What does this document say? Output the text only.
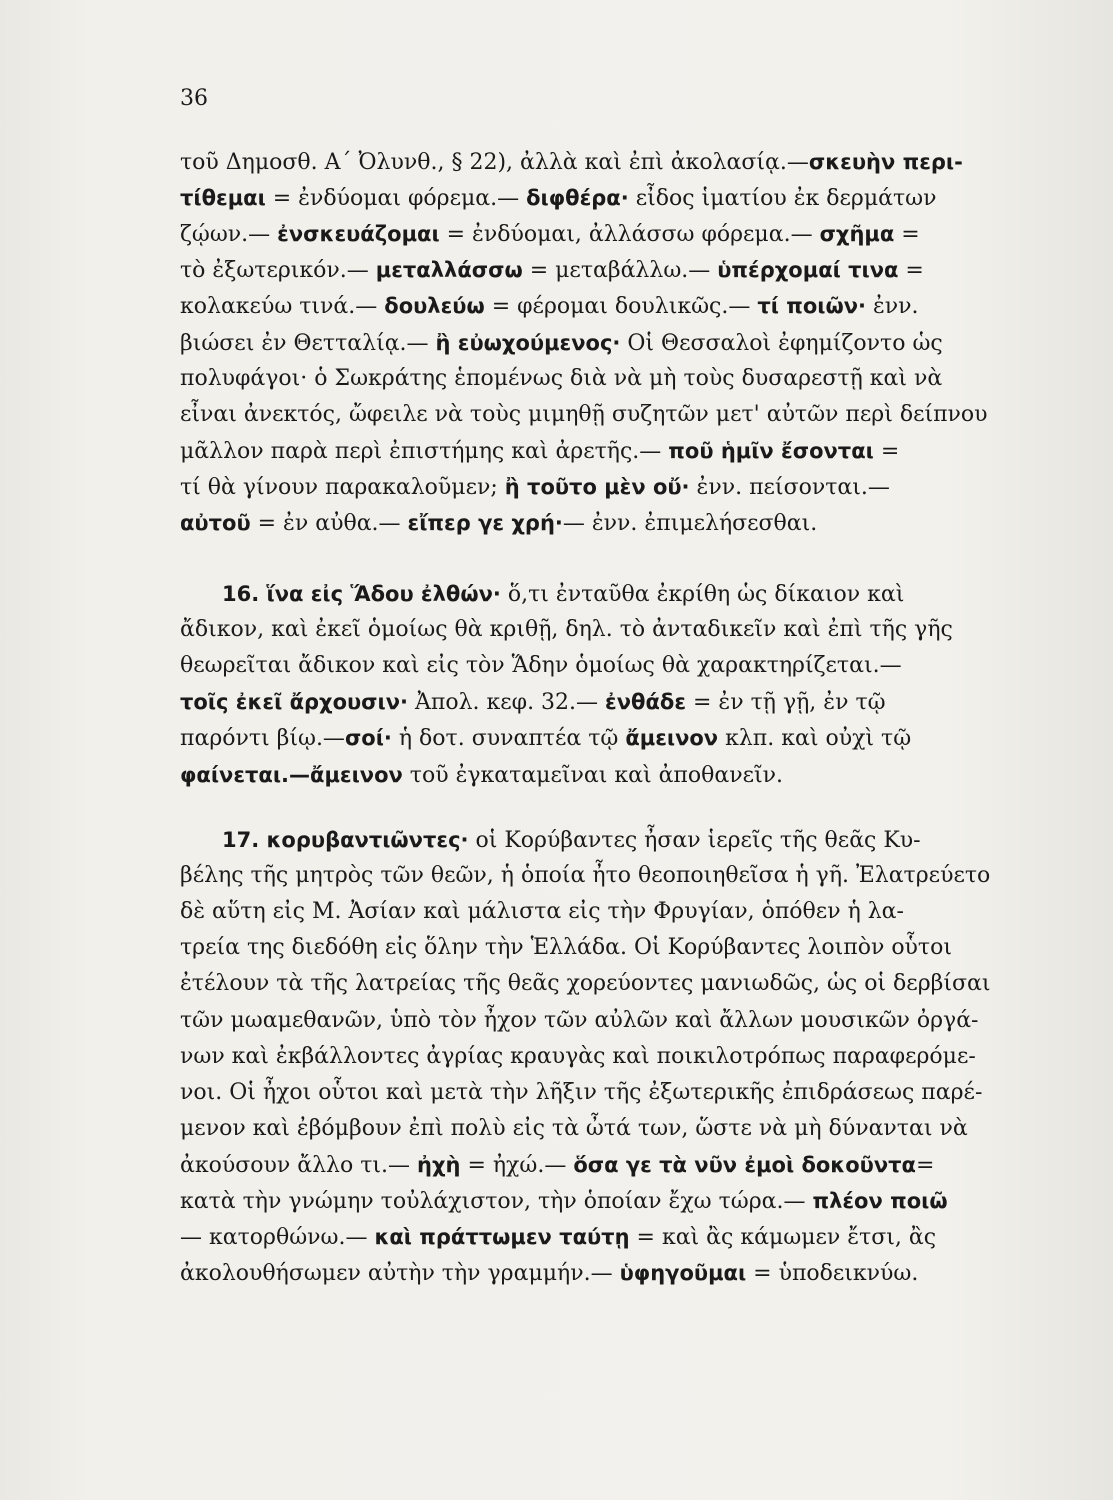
36
τοῦ Δημοσθ. Α΄ Ὀλυνθ., § 22), ἀλλὰ καὶ ἐπὶ ἀκολασίᾳ.—σκευὴν περι-
τίθεμαι = ἐνδύομαι φόρεμα.— διφθέρα· εἶδος ἱματίου ἐκ δερμάτων
ζῴων.— ἐνσκευάζομαι = ἐνδύομαι, ἀλλάσσω φόρεμα.— σχῆμα =
τὸ ἐξωτερικόν.— μεταλλάσσω = μεταβάλλω.— ὑπέρχομαί τινα =
κολακεύω τινά.— δουλεύω = φέρομαι δουλικῶς.— τί ποιῶν· ἐνν.
βιώσει ἐν Θετταλίᾳ.— ἢ εὐωχούμενος· Οἱ Θεσσαλοὶ ἐφημίζοντο ὡς
πολυφάγοι· ὁ Σωκράτης ἑπομένως διὰ νὰ μὴ τοὺς δυσαρεστῇ καὶ νὰ
εἶναι ἀνεκτός, ὤφειλε νὰ τοὺς μιμηθῇ συζητῶν μετ' αὐτῶν περὶ δείπνου
μᾶλλον παρὰ περὶ ἐπιστήμης καὶ ἀρετῆς.— ποῦ ἡμῖν ἔσονται =
τί θὰ γίνουν παρακαλοῦμεν; ἢ τοῦτο μὲν οὔ· ἐνν. πείσονται.—
αὐτοῦ = ἐν αὐθα.— εἴπερ γε χρή·— ἐνν. ἐπιμελήσεσθαι.
16. ἵνα εἰς Ἅδου ἐλθών· ὅ,τι ἐνταῦθα ἐκρίθη ὡς δίκαιον καὶ
ἄδικον, καὶ ἐκεῖ ὁμοίως θὰ κριθῇ, δηλ. τὸ ἀνταδικεῖν καὶ ἐπὶ τῆς γῆς
θεωρεῖται ἄδικον καὶ εἰς τὸν Ἅδην ὁμοίως θὰ χαρακτηρίζεται.—
τοῖς ἐκεῖ ἄρχουσιν· Ἀπολ. κεφ. 32.— ἐνθάδε = ἐν τῇ γῇ, ἐν τῷ
παρόντι βίῳ.—σοί· ἡ δοτ. συναπτέα τῷ ἄμεινον κλπ. καὶ οὐχὶ τῷ
φαίνεται.—ἄμεινον τοῦ ἐγκαταμεῖναι καὶ ἀποθανεῖν.
17. κορυβαντιῶντες· οἱ Κορύβαντες ἦσαν ἱερεῖς τῆς θεᾶς Κυ-
βέλης τῆς μητρὸς τῶν θεῶν, ἡ ὁποία ἦτο θεοποιηθεῖσα ἡ γῆ. Ἐλατρεύετο
δὲ αὕτη εἰς Μ. Ἀσίαν καὶ μάλιστα εἰς τὴν Φρυγίαν, ὁπόθεν ἡ λα-
τρεία της διεδόθη εἰς ὅλην τὴν Ἑλλάδα. Οἱ Κορύβαντες λοιπὸν οὗτοι
ἐτέλουν τὰ τῆς λατρείας τῆς θεᾶς χορεύοντες μανιωδῶς, ὡς οἱ δερβίσαι
τῶν μωαμεθανῶν, ὑπὸ τὸν ἦχον τῶν αὐλῶν καὶ ἄλλων μουσικῶν ὀργά-
νων καὶ ἐκβάλλοντες ἀγρίας κραυγὰς καὶ ποικιλοτρόπως παραφερόμε-
νοι. Οἱ ἦχοι οὗτοι καὶ μετὰ τὴν λῆξιν τῆς ἐξωτερικῆς ἐπιδράσεως παρέ-
μενον καὶ ἐβόμβουν ἐπὶ πολὺ εἰς τὰ ὦτά των, ὥστε νὰ μὴ δύνανται νὰ
ἀκούσουν ἄλλο τι.— ἠχὴ = ἠχώ.— ὅσα γε τὰ νῦν ἐμοὶ δοκοῦντα=
κατὰ τὴν γνώμην τοὐλάχιστον, τὴν ὁποίαν ἔχω τώρα.— πλέον ποιῶ
— κατορθώνω.— καὶ πράττωμεν ταύτῃ = καὶ ἂς κάμωμεν ἔτσι, ἂς
ἀκολουθήσωμεν αὐτὴν τὴν γραμμήν.— ὑφηγοῦμαι = ὑποδεικνύω.
